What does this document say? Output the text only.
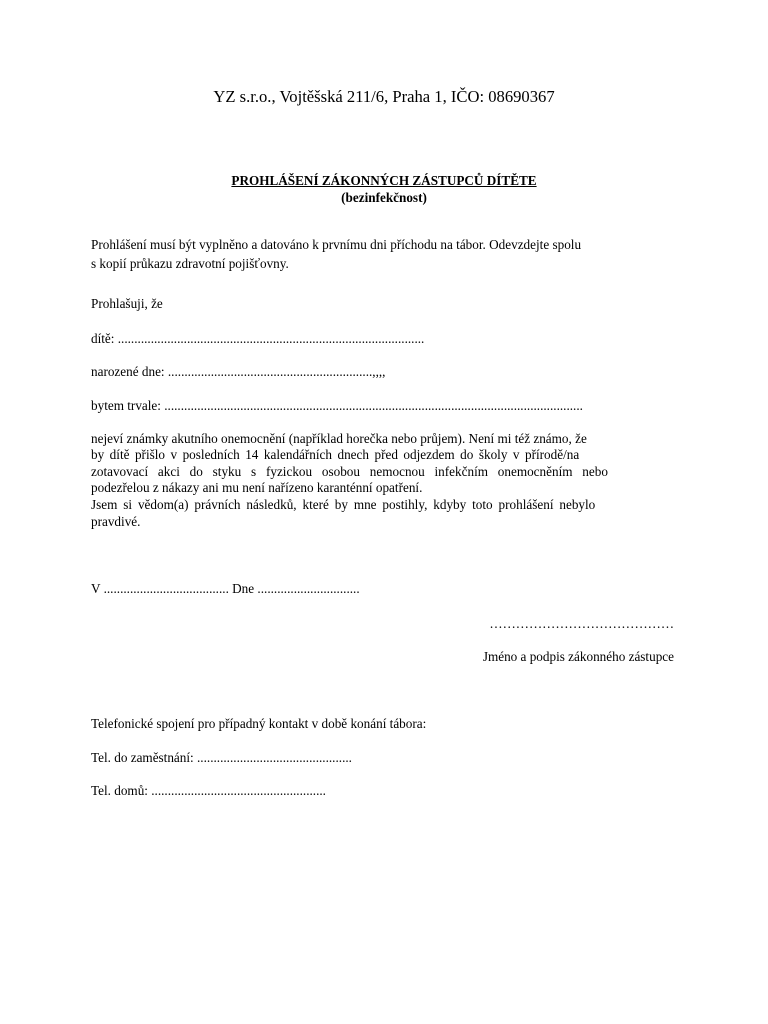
YZ s.r.o., Vojtěšská 211/6, Praha 1, IČO: 08690367
PROHLÁŠENÍ ZÁKONNÝCH ZÁSTUPCŮ DÍTĚTE
(bezinfekčnost)
Prohlášení musí být vyplněno a datováno k prvnímu dni příchodu na tábor. Odevzdejte spolu
s kopií průkazu zdravotní pojišťovny.
Prohlašuji, že
dítě: .............................................................................................
narozené dne: ..............................................................,,,,
bytem trvale: ...............................................................................................................................
nejeví známky akutního onemocnění (například horečka nebo průjem). Není mi též známo, že
by dítě přišlo v posledních 14 kalendářních dnech před odjezdem do školy v přírodě/na
zotavovací akci do styku s fyzickou osobou nemocnou infekčním onemocněním nebo
podezřelou z nákazy ani mu není nařízeno karanténní opatření.
Jsem si vědom(a) právních následků, které by mne postihly, kdyby toto prohlášení nebylo
pravdivé.
V ...................................... Dne ...............................
……………………………………
Jméno a podpis zákonného zástupce
Telefonické spojení pro případný kontakt v době konání tábora:
Tel. do zaměstnání: ...............................................
Tel. domů: .....................................................
